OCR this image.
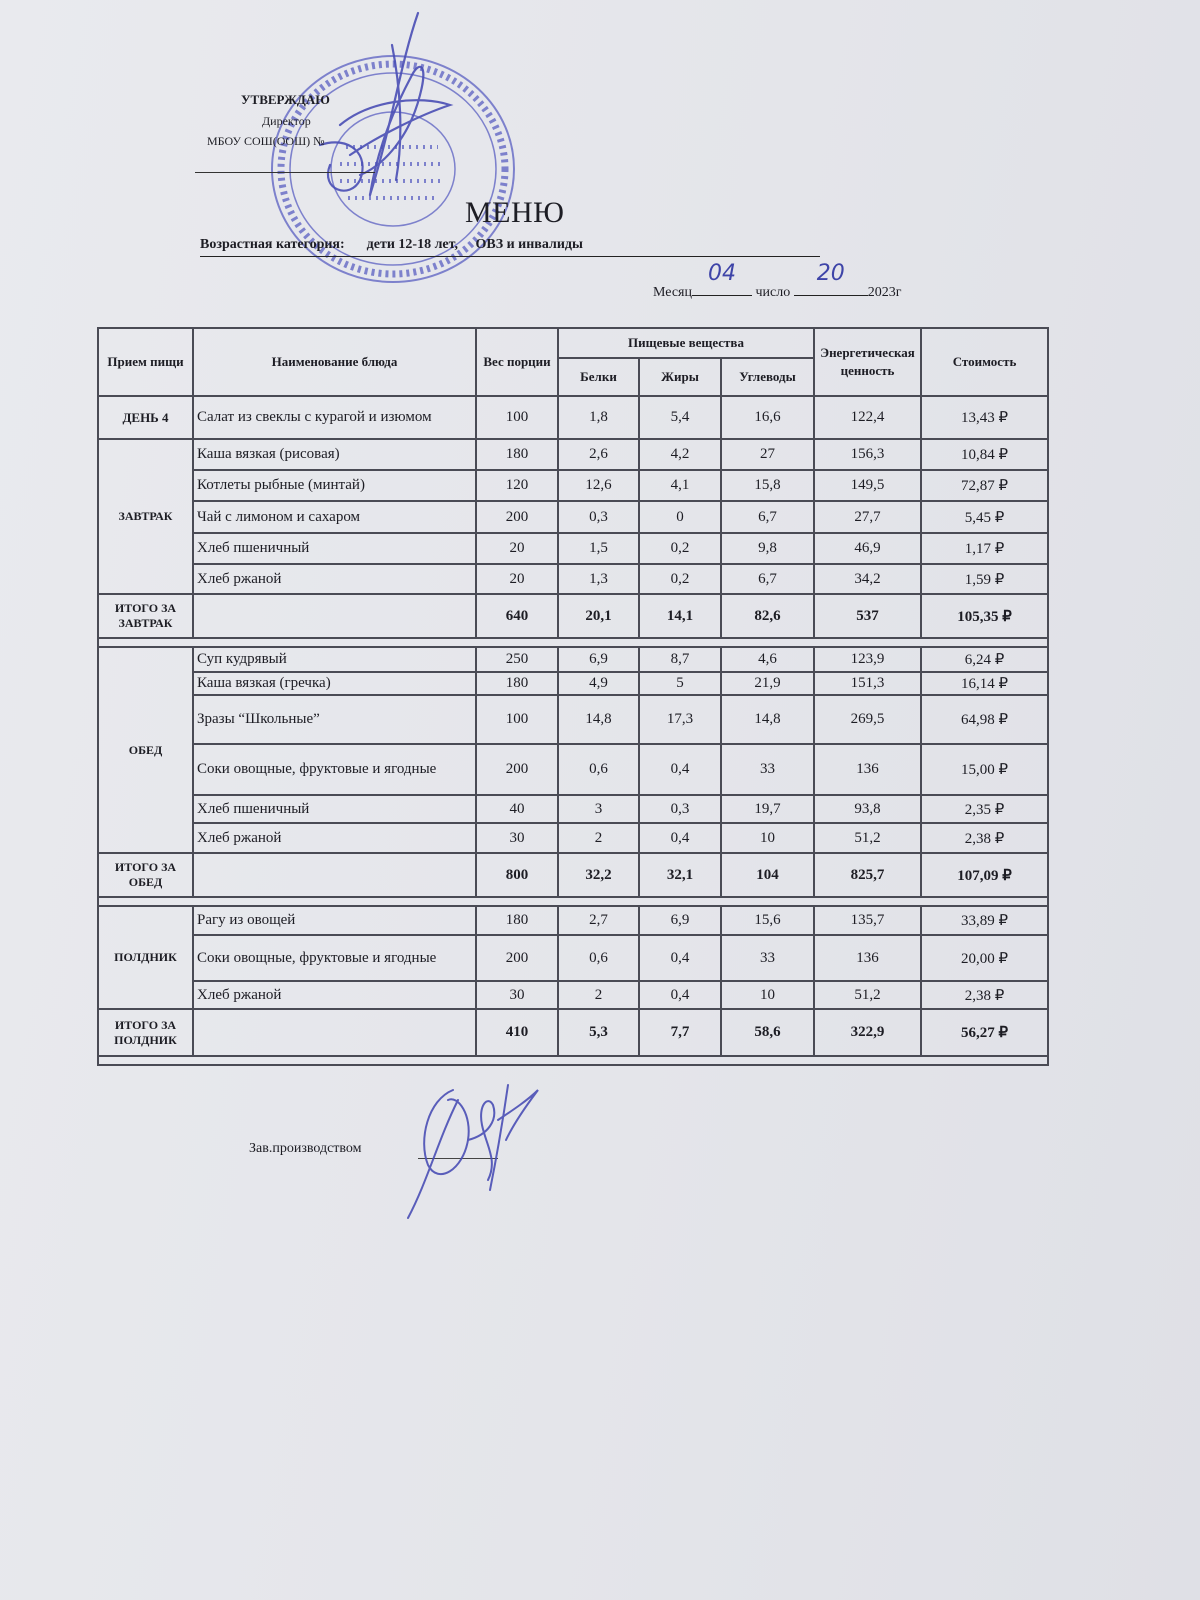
УТВЕРЖДАЮ
Директор
МБОУ СОШ(ООШ) №
МЕНЮ
Возрастная категория: дети 12-18 лет,     ОВЗ и инвалиды
Месяц
04
число
20
2023г
Прием пищи	Наименование блюда	Вес порции	Пищевые вещества			Энергетическая ценность	Стоимость
			Белки	Жиры	Углеводы		
ДЕНЬ 4	Салат из свеклы с курагой и изюмом	100	1,8	5,4	16,6	122,4	13,43 ₽
ЗАВТРАК	Каша вязкая (рисовая)	180	2,6	4,2	27	156,3	10,84 ₽
	Котлеты рыбные (минтай)	120	12,6	4,1	15,8	149,5	72,87 ₽
	Чай с лимоном и сахаром	200	0,3	0	6,7	27,7	5,45 ₽
	Хлеб пшеничный	20	1,5	0,2	9,8	46,9	1,17 ₽
	Хлеб ржаной	20	1,3	0,2	6,7	34,2	1,59 ₽
ИТОГО ЗА ЗАВТРАК		640	20,1	14,1	82,6	537	105,35 ₽

ОБЕД	Суп кудрявый	250	6,9	8,7	4,6	123,9	6,24 ₽
	Каша вязкая (гречка)	180	4,9	5	21,9	151,3	16,14 ₽
	Зразы “Школьные”	100	14,8	17,3	14,8	269,5	64,98 ₽
	Соки овощные, фруктовые и ягодные	200	0,6	0,4	33	136	15,00 ₽
	Хлеб пшеничный	40	3	0,3	19,7	93,8	2,35 ₽
	Хлеб ржаной	30	2	0,4	10	51,2	2,38 ₽
ИТОГО ЗА ОБЕД		800	32,2	32,1	104	825,7	107,09 ₽

ПОЛДНИК	Рагу из овощей	180	2,7	6,9	15,6	135,7	33,89 ₽
	Соки овощные, фруктовые и ягодные	200	0,6	0,4	33	136	20,00 ₽
	Хлеб ржаной	30	2	0,4	10	51,2	2,38 ₽
ИТОГО ЗА ПОЛДНИК		410	5,3	7,7	58,6	322,9	56,27 ₽

Зав.производством
